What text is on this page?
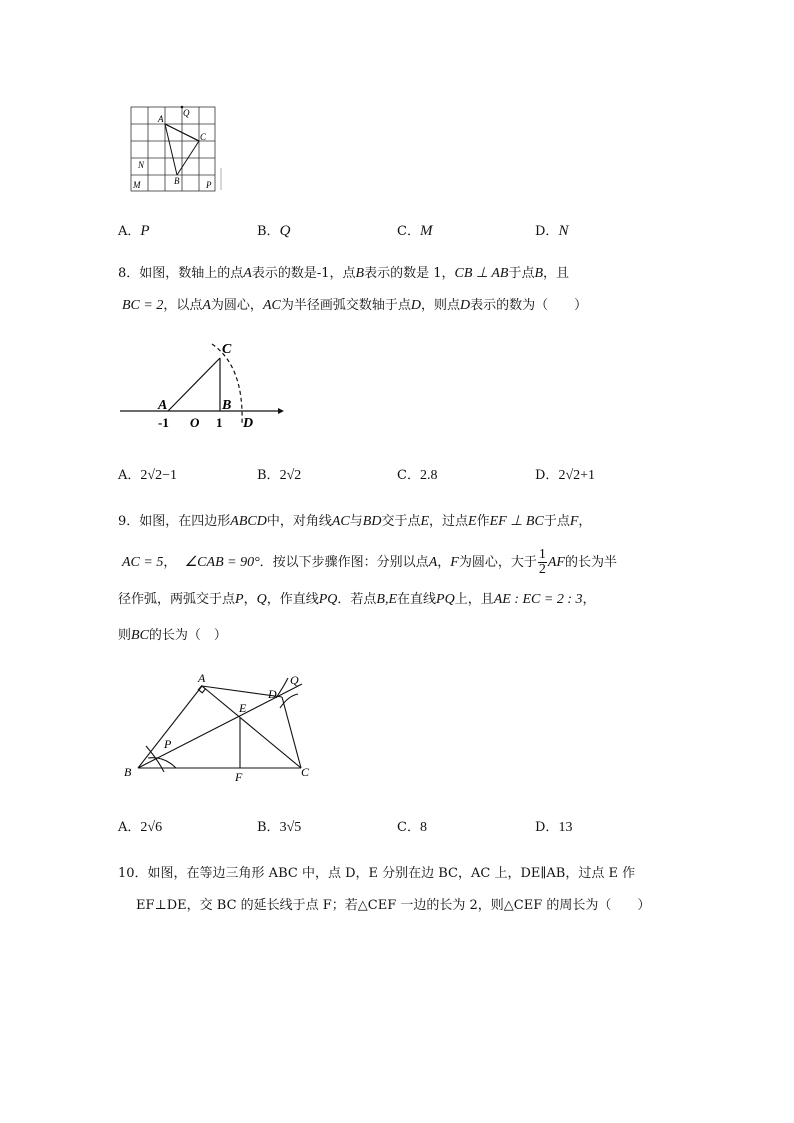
A
Q
C
N
B
M	P
A．P	B．Q	C．M	D．N
8．如图，数轴上的点A表示的数是-1，点B表示的数是 1，CB ⊥ AB于点B，且
BC = 2，以点A为圆心，AC为半径画弧交数轴于点D，则点D表示的数为（　　）
C
A	B
-1 O 1 D
A．2√2−1	B．2√2	C．2.8	D．2√2+1
9．如图，在四边形ABCD中，对角线AC与BD交于点E，过点E作EF ⊥ BC于点F，
AC = 5， ∠CAB = 90°．按以下步骤作图：分别以点A，F为圆心，大于 $\frac{1}{2}$ AF的长为半
径作弧，两弧交于点P，Q，作直线PQ．若点B,E在直线PQ上，且AE : EC = 2 : 3，
则BC的长为（　）
A
D
Q
E
P
B	F	C
A．2√6	B．3√5	C．8	D．13
10．如图，在等边三角形 ABC 中，点 D，E 分别在边 BC，AC 上，DE∥AB，过点 E 作
EF⊥DE，交 BC 的延长线于点 F；若△CEF 一边的长为 2，则△CEF 的周长为（　　）
